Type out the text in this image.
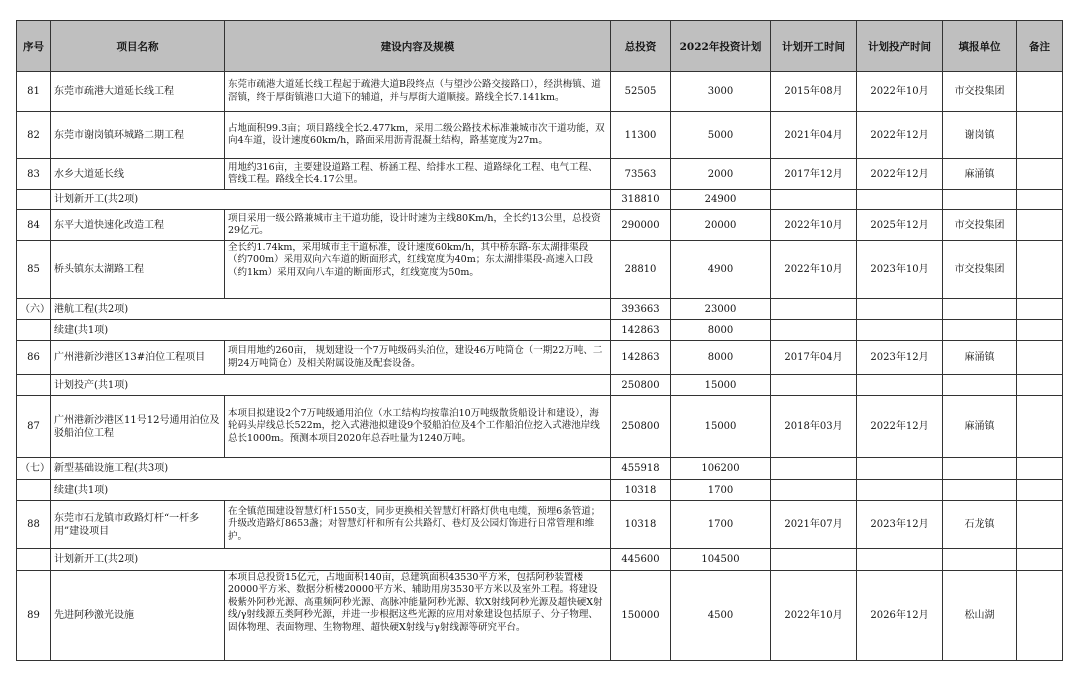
序号	项目名称	建设内容及规模	总投资	2022年投资计划	计划开工时间	计划投产时间	填报单位	备注
81	东莞市疏港大道延长线工程	东莞市疏港大道延长线工程起于疏港大道B段终点（与望沙公路交接路口），经洪梅镇、道滘镇，终于厚街镇港口大道下的辅道，并与厚街大道顺接。路线全长7.141km。	52505	3000	2015年08月	2022年10月	市交投集团	
82	东莞市谢岗镇环城路二期工程	占地面积99.3亩；项目路线全长2.477km，采用二级公路技术标准兼城市次干道功能，双向4车道，设计速度60km/h，路面采用沥青混凝土结构，路基宽度为27m。	11300	5000	2021年04月	2022年12月	谢岗镇	
83	水乡大道延长线	用地约316亩，主要建设道路工程、桥涵工程、给排水工程、道路绿化工程、电气工程、管线工程。路线全长4.17公里。	73563	2000	2017年12月	2022年12月	麻涌镇	
	计划新开工(共2项)		318810	24900				
84	东平大道快速化改造工程	项目采用一级公路兼城市主干道功能，设计时速为主线80Km/h，全长约13公里，总投资29亿元。	290000	20000	2022年10月	2025年12月	市交投集团	
85	桥头镇东太湖路工程	全长约1.74km，采用城市主干道标准，设计速度60km/h，其中桥东路-东太湖排渠段（约700m）采用双向六车道的断面形式，红线宽度为40m；东太湖排渠段-高速入口段（约1km）采用双向八车道的断面形式，红线宽度为50m。	28810	4900	2022年10月	2023年10月	市交投集团	
（六）	港航工程(共2项)		393663	23000				
	续建(共1项)		142863	8000				
86	广州港新沙港区13#泊位工程项目	项目用地约260亩， 规划建设一个7万吨级码头泊位，建设46万吨筒仓（一期22万吨、二期24万吨筒仓）及相关附属设施及配套设备。	142863	8000	2017年04月	2023年12月	麻涌镇	
	计划投产(共1项)		250800	15000				
87	广州港新沙港区11号12号通用泊位及驳船泊位工程	本项目拟建设2个7万吨级通用泊位（水工结构均按靠泊10万吨级散货船设计和建设），海轮码头岸线总长522m，挖入式港池拟建设9个驳船泊位及4个工作船泊位挖入式港池岸线总长1000m。预测本项目2020年总吞吐量为1240万吨。	250800	15000	2018年03月	2022年12月	麻涌镇	
（七）	新型基础设施工程(共3项)		455918	106200				
	续建(共1项)		10318	1700				
88	东莞市石龙镇市政路灯杆“一杆多用”建设项目	在全镇范围建设智慧灯杆1550支，同步更换相关智慧灯杆路灯供电电缆，预埋6条管道；升级改造路灯8653盏；对智慧灯杆和所有公共路灯、巷灯及公园灯饰进行日常管理和维护。	10318	1700	2021年07月	2023年12月	石龙镇	
	计划新开工(共2项)		445600	104500				
89	先进阿秒激光设施	本项目总投资15亿元，占地面积140亩，总建筑面积43530平方米，包括阿秒装置楼20000平方米、数据分析楼20000平方米、辅助用房3530平方米以及室外工程。将建设极紫外阿秒光源、高重频阿秒光源、高脉冲能量阿秒光源、软X射线阿秒光源及超快硬X射线/γ射线源五类阿秒光源，并进一步根据这些光源的应用对象建设包括原子、分子物理、固体物理、表面物理、生物物理、超快硬X射线与γ射线源等研究平台。	150000	4500	2022年10月	2026年12月	松山湖	
